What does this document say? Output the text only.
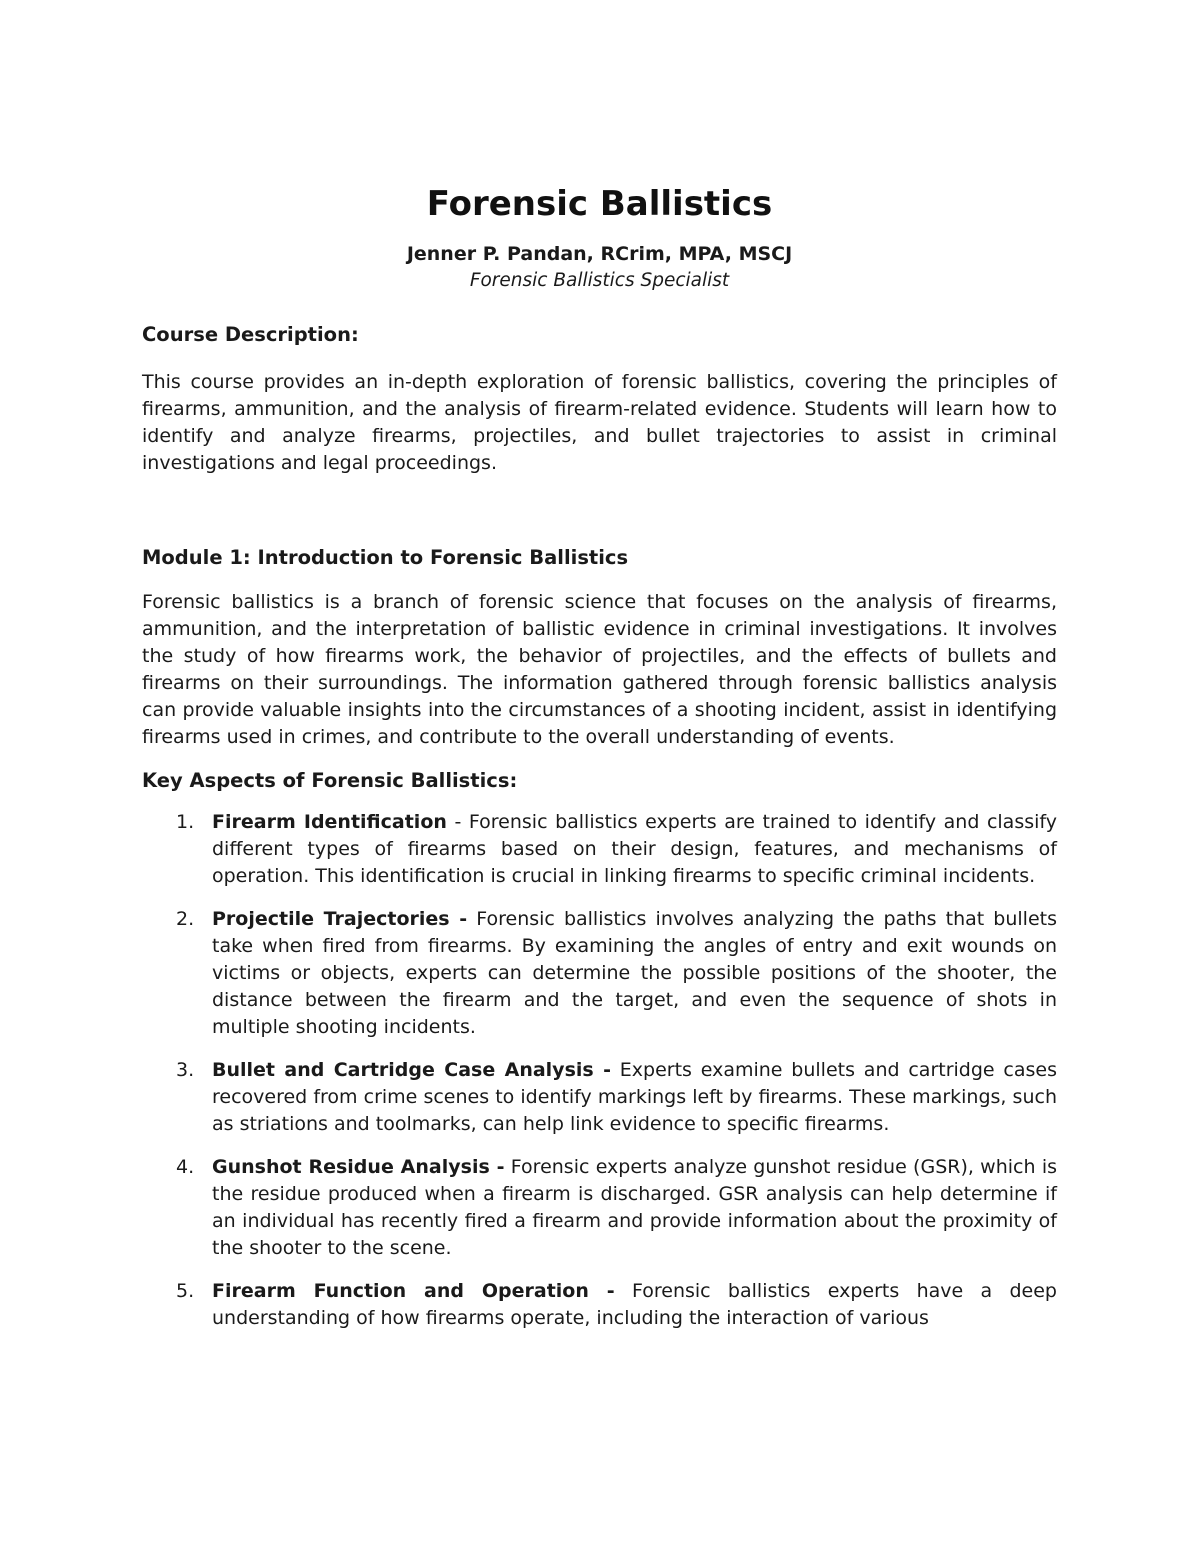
Forensic Ballistics

Jenner P. Pandan, RCrim, MPA, MSCJ

Forensic Ballistics Specialist

Course Description:

This course provides an in-depth exploration of forensic ballistics, covering the principles of firearms, ammunition, and the analysis of firearm-related evidence. Students will learn how to identify and analyze firearms, projectiles, and bullet trajectories to assist in criminal investigations and legal proceedings.

Module 1: Introduction to Forensic Ballistics

Forensic ballistics is a branch of forensic science that focuses on the analysis of firearms, ammunition, and the interpretation of ballistic evidence in criminal investigations. It involves the study of how firearms work, the behavior of projectiles, and the effects of bullets and firearms on their surroundings. The information gathered through forensic ballistics analysis can provide valuable insights into the circumstances of a shooting incident, assist in identifying firearms used in crimes, and contribute to the overall understanding of events.

Key Aspects of Forensic Ballistics:
1. Firearm Identification - Forensic ballistics experts are trained to identify and classify different types of firearms based on their design, features, and mechanisms of operation. This identification is crucial in linking firearms to specific criminal incidents.
2. Projectile Trajectories - Forensic ballistics involves analyzing the paths that bullets take when fired from firearms. By examining the angles of entry and exit wounds on victims or objects, experts can determine the possible positions of the shooter, the distance between the firearm and the target, and even the sequence of shots in multiple shooting incidents.
3. Bullet and Cartridge Case Analysis - Experts examine bullets and cartridge cases recovered from crime scenes to identify markings left by firearms. These markings, such as striations and toolmarks, can help link evidence to specific firearms.
4. Gunshot Residue Analysis - Forensic experts analyze gunshot residue (GSR), which is the residue produced when a firearm is discharged. GSR analysis can help determine if an individual has recently fired a firearm and provide information about the proximity of the shooter to the scene.
5. Firearm Function and Operation - Forensic ballistics experts have a deep understanding of how firearms operate, including the interaction of various
